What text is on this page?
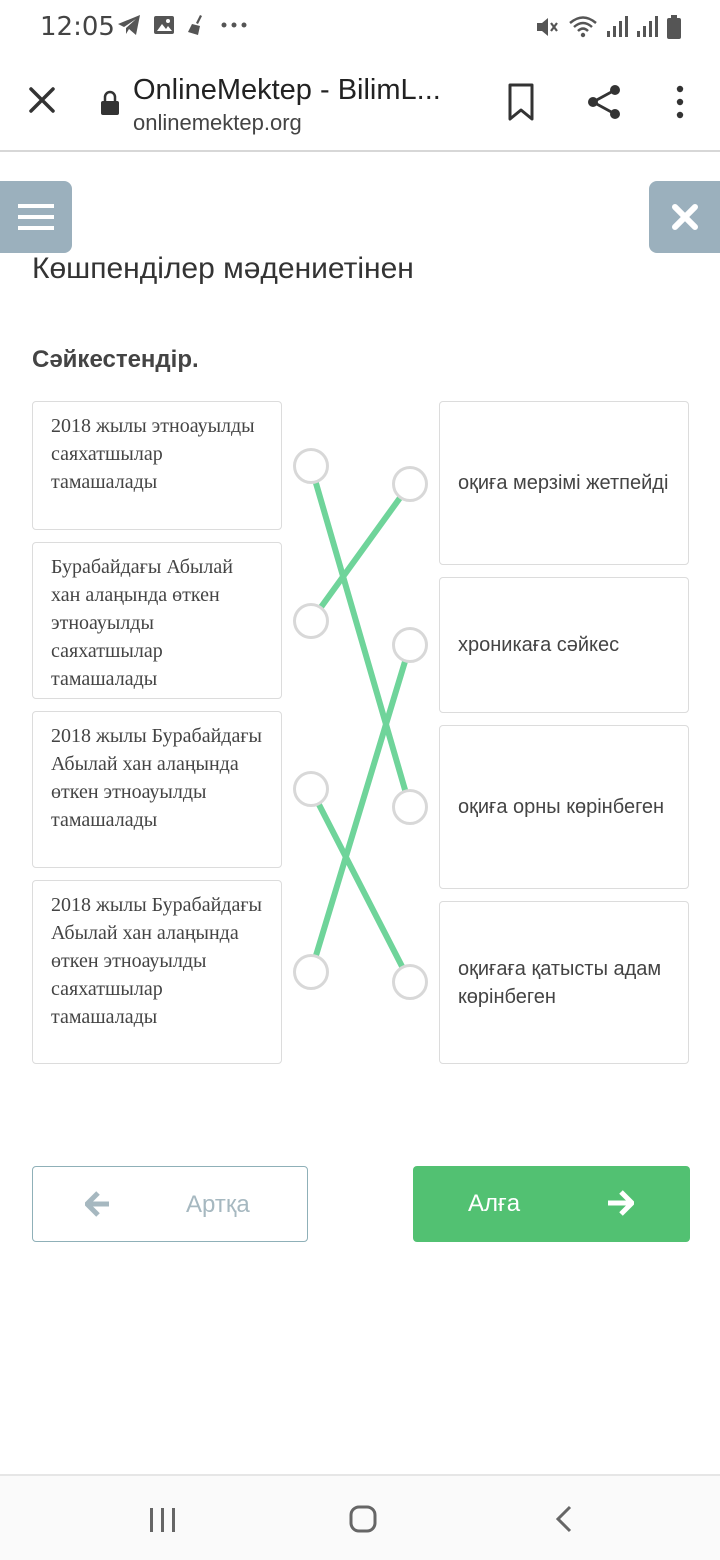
12:05
OnlineMektep - BilimL...
onlinemektep.org
Көшпенділер мәдениетінен
Сәйкестендір.
2018 жылы этноауылды саяхатшылар тамашалады
Бурабайдағы Абылай хан алаңында өткен этноауылды саяхатшылар тамашалады
2018 жылы Бурабайдағы Абылай хан алаңында өткен этноауылды тамашалады
2018 жылы Бурабайдағы Абылай хан алаңында өткен этноауылды саяхатшылар тамашалады
оқиға мерзімі жетпейді
хроникаға сәйкес
оқиға орны көрінбеген
оқиғаға қатысты адам көрінбеген
Артқа	Алға
